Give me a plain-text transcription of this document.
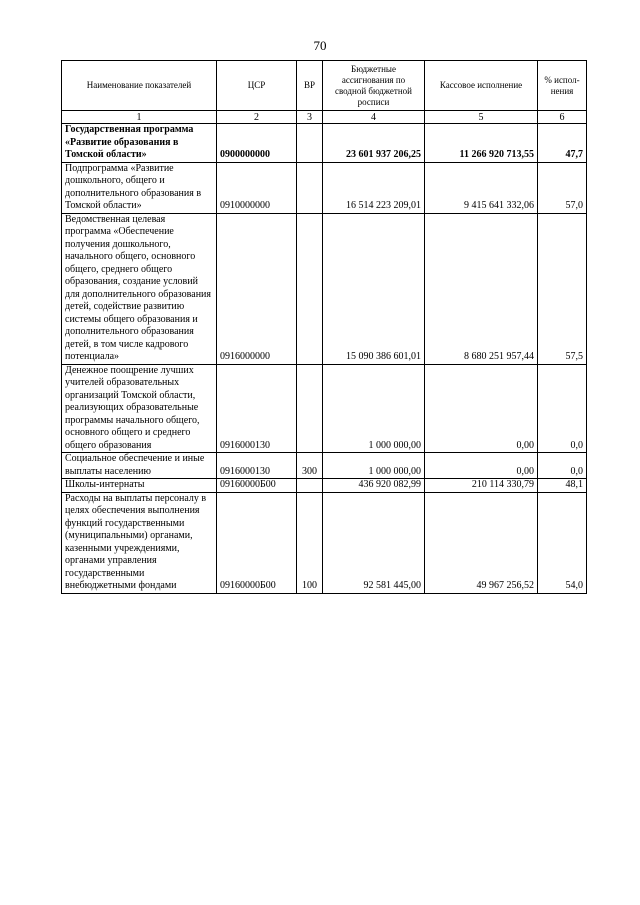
70
Наименование показателей	ЦСР	ВР	Бюджетные ассигнования по сводной бюджетной росписи	Кассовое исполнение	% испол-нения
1	2	3	4	5	6
Государственная программа «Развитие образования в Томской области»	0900000000		23 601 937 206,25	11 266 920 713,55	47,7
Подпрограмма «Развитие дошкольного, общего и дополнительного образования в Томской области»	0910000000		16 514 223 209,01	9 415 641 332,06	57,0
Ведомственная целевая программа «Обеспечение получения дошкольного, начального общего, основного общего, среднего общего образования, создание условий для дополнительного образования детей, содействие развитию системы общего образования и дополнительного образования детей, в том числе кадрового потенциала»	0916000000		15 090 386 601,01	8 680 251 957,44	57,5
Денежное поощрение лучших учителей образовательных организаций Томской области, реализующих образовательные программы начального общего, основного общего и среднего общего образования	0916000130		1 000 000,00	0,00	0,0
Социальное обеспечение и иные выплаты населению	0916000130	300	1 000 000,00	0,00	0,0
Школы-интернаты	09160000Б00		436 920 082,99	210 114 330,79	48,1
Расходы на выплаты персоналу в целях обеспечения выполнения функций государственными (муниципальными) органами, казенными учреждениями, органами управления государственными внебюджетными фондами	09160000Б00	100	92 581 445,00	49 967 256,52	54,0
